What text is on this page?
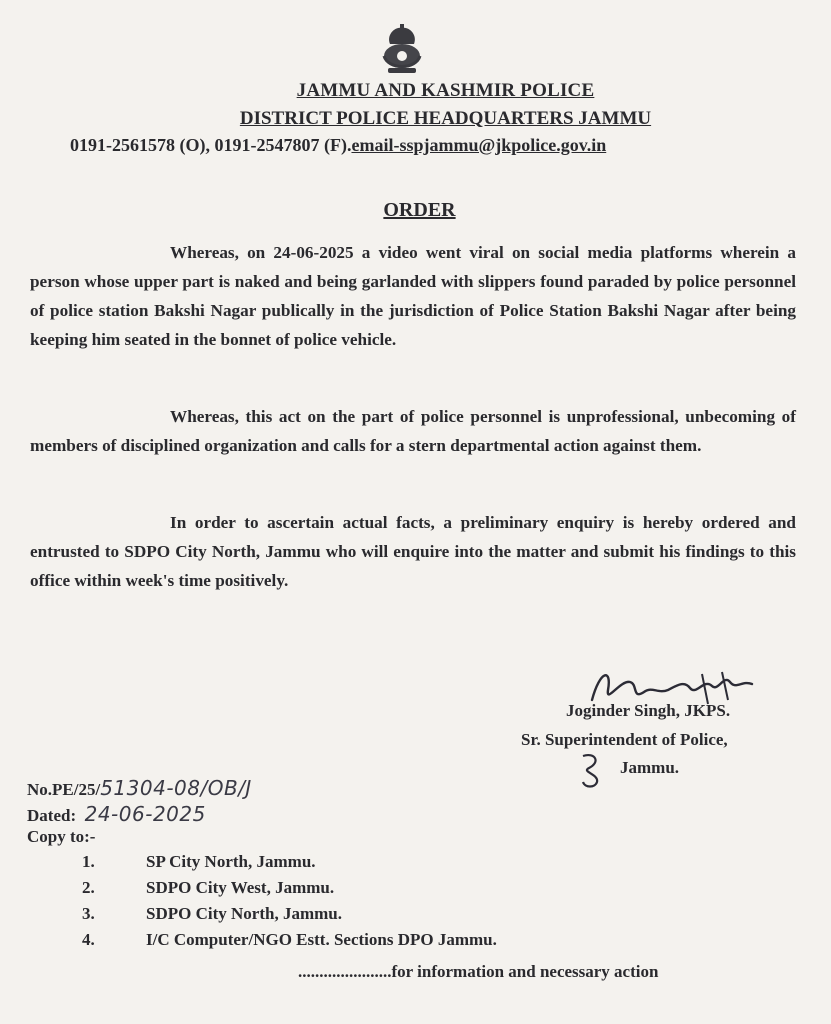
JAMMU AND KASHMIR POLICE
DISTRICT POLICE HEADQUARTERS JAMMU
0191-2561578 (O), 0191-2547807 (F).email-sspjammu@jkpolice.gov.in
ORDER

Whereas, on 24-06-2025 a video went viral on social media platforms wherein a person whose upper part is naked and being garlanded with slippers found paraded by police personnel of police station Bakshi Nagar publically in the jurisdiction of Police Station Bakshi Nagar after being keeping him seated in the bonnet of police vehicle.

Whereas, this act on the part of police personnel is unprofessional, unbecoming of members of disciplined organization and calls for a stern departmental action against them.

In order to ascertain actual facts, a preliminary enquiry is hereby ordered and entrusted to SDPO City North, Jammu who will enquire into the matter and submit his findings to this office within week's time positively.

Joginder Singh, JKPS.
Sr. Superintendent of Police,
Jammu.
No.PE/25/51304-08/OB/J
Dated: 24-06-2025
Copy to:-
1.	SP City North, Jammu.
2.	SDPO City West, Jammu.
3.	SDPO City North, Jammu.
4.	I/C Computer/NGO Estt. Sections DPO Jammu.
......................for information and necessary action
